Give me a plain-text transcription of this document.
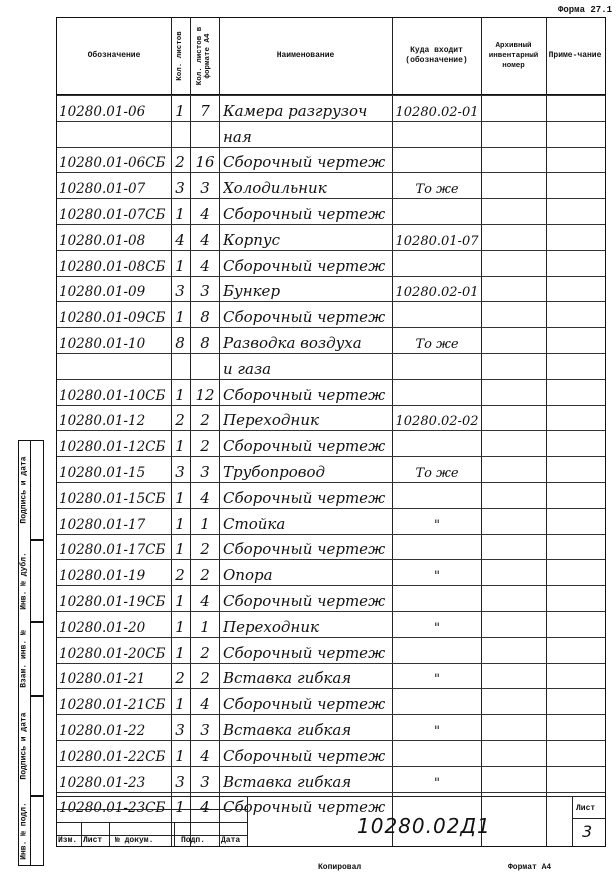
Форма 27.1
Подпись и дата
Инв. № дубл.
Взам. инв. №
Подпись и дата
Инв. № подл.
Обозначение	Кол. листов Кол. листов в формате А4	Наименование
Куда входит (обозначение)
Архивный инвентарный номер
Приме-чание
10280.01-06	1	7 Камера разгрузоч	10280.02-01
ная
10280.01-06СБ 2 16 Сборочный чертеж
10280.01-07	3	3 Холодильник	То же
10280.01-07СБ 1	4 Сборочный чертеж
10280.01-08	4	4 Корпус	10280.01-07
10280.01-08СБ 1	4 Сборочный чертеж
10280.01-09	3	3 Бункер	10280.02-01
10280.01-09СБ 1	8 Сборочный чертеж
10280.01-10	8	8 Разводка воздуха	То же
и газа
10280.01-10СБ 1 12 Сборочный чертеж
10280.01-12	2	2 Переходник	10280.02-02
10280.01-12СБ 1	2 Сборочный чертеж
10280.01-15	3	3 Трубопровод	То же
10280.01-15СБ 1	4 Сборочный чертеж
10280.01-17	1	1 Стойка	"
10280.01-17СБ 1	2 Сборочный чертеж
10280.01-19	2	2 Опора	"
10280.01-19СБ 1	4 Сборочный чертеж
10280.01-20	1	1 Переходник	"
10280.01-20СБ 1	2 Сборочный чертеж
10280.01-21	2	2 Вставка гибкая	"
10280.01-21СБ 1	4 Сборочный чертеж
10280.01-22	3	3 Вставка гибкая	"
10280.01-22СБ 1	4 Сборочный чертеж
10280.01-23	3	3 Вставка гибкая	"
10280.01-23СБ 1	4 Сборочный чертеж
Изм. Лист № докум.	Подп. Дата
10280.02Д1
Лист
3
Копировал	Формат А4
